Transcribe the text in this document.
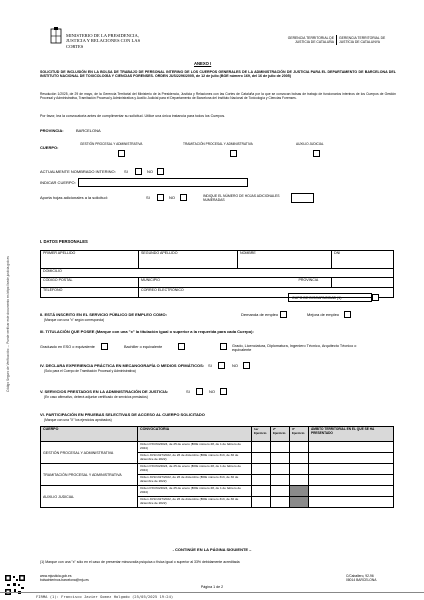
Código Seguro de Verificación: ... Puede verificar este documento en https://sede.justicia.gob.es
MINISTERIO DE LA PRESIDENCIA, JUSTICIA Y RELACIONES CON LAS CORTES
GERENCIA TERRITORIAL DE JUSTICIA DE CATALUÑA
GERENCIA TERRITORIAL DE JUSTÍCIA DE CATALUNYA
ANEXO I
SOLICITUD DE INCLUSIÓN EN LA BOLSA DE TRABAJO DE PERSONAL INTERINO DE LOS CUERPOS GENERALES DE LA ADMINISTRACIÓN DE JUSTICIA PARA EL DEPARTAMENTO DE BARCELONA DEL INSTITUTO NACIONAL DE TOXICOLOGÍA Y CIENCIAS FORENSES. ORDEN JUS/2296/2005, de 12 de julio (BOE número 169, del 16 de julio de 2005)
Resolución 1/2025, de 29 de mayo, de la Gerencia Territorial del Ministerio de la Presidencia, Justicia y Relaciones con las Cortes de Cataluña por la que se convocan bolsas de trabajo de funcionarios interinos de los Cuerpos de Gestión Procesal y Administrativa, Tramitación Procesal y Administrativa y Auxilio Judicial para el Departamento de Barcelona del Instituto Nacional de Toxicología y Ciencias Forenses.
Por favor, lea la convocatoria antes de cumplimentar su solicitud. Utilice una única instancia para todos los Cuerpos.
PROVINCIA:	BARCELONA
CUERPO:
GESTIÓN PROCESAL Y ADMINISTRATIVA	TRAMITACIÓN PROCESAL Y ADMINISTRATIVA	AUXILIO JUDICIAL
ACTUALMENTE NOMBRADO INTERINO: SI	NO
INDICAR CUERPO:
Aporta hojas adicionales a la solicitud:	SI	NO	INDIQUE EL NÚMERO DE HOJAS ADICIONALES NUMERADAS
I. DATOS PERSONALES
PRIMER APELLIDO	SEGUNDO APELLIDO	NOMBRE	DNI
DOMICILIO			
CÓDIGO POSTAL	MUNICIPIO PROVINCIA		

TELÉFONO	CORREO ELECTRÓNICO		
CUPO DE DISCAPACIDAD (1)
II. ESTÁ INSCRITO EN EL SERVICIO PÚBLICO DE EMPLEO COMO:	Demanda de empleo	Mejora de empleo
(Marque con una "x" según corresponda)
III. TITULACIÓN QUE POSEE (Marque con una "x" la titulación igual o superior a la requerida para cada Cuerpo):
Graduado en ESO o equivalente	Bachiller o equivalente	Grado, Licenciatura, Diplomatura, Ingeniero Técnico, Arquitecto Técnico o equivalente
IV. DECLARA EXPERIENCIA PRÁCTICA EN MECANOGRAFÍA O MEDIOS OFIMÁTICOS: SI	NO
(Solo para el Cuerpo de Tramitación Procesal y Administrativa)
V. SERVICIOS PRESTADOS EN LA ADMINISTRACIÓN DE JUSTICIA:	SI	NO
(En caso afirmativo, deberá adjuntar certificado de servicios prestados)
VI. PARTICIPACIÓN EN PRUEBAS SELECTIVAS DE ACCESO AL CUERPO SOLICITADO
(Marque con una "X" los ejercicios aprobados)
CUERPO	CONVOCATORIA	1er Ejercicio	2º Ejercicio	3º Ejercicio	ÁMBITO TERRITORIAL EN EL QUE SE HA PRESENTADO
GESTIÓN PROCESAL Y ADMINISTRATIVA	Orden PJC/64/2024, de 25 de enero (BOE número 28, de 1 de febrero de 2024)				
	Orden JUS/1327/2022, de 26 de diciembre (BOE número 313, de 30 de diciembre de 2022)				
TRAMITACIÓN PROCESAL Y ADMINISTRATIVA	Orden PJC/64/2024, de 25 de enero (BOE número 28, de 1 de febrero de 2024)				
	Orden JUS/1327/2022, de 26 de diciembre (BOE número 313, de 30 de diciembre de 2022)				
AUXILIO JUDICIAL	Orden PJC/64/2024, de 25 de enero (BOE número 28, de 1 de febrero de 2024)				
	Orden JUS/1327/2022, de 26 de diciembre (BOE número 313, de 30 de diciembre de 2022)				
- CONTINÚE EN LA PÁGINA SIGUIENTE –
(1) Marque con una "x" sólo en el caso de presentar minusvalía psíquica o física igual o superior al 33% debidamente acreditada
www.mjusticia.gob.es
bolsainterinos.barcelona@mju.es
C/Caballero, 92-96
08014 BARCELONA
Página 1 de 2
FIRMA (1): Francisco Javier Gomez Holgado (25/05/2025 19:24)
